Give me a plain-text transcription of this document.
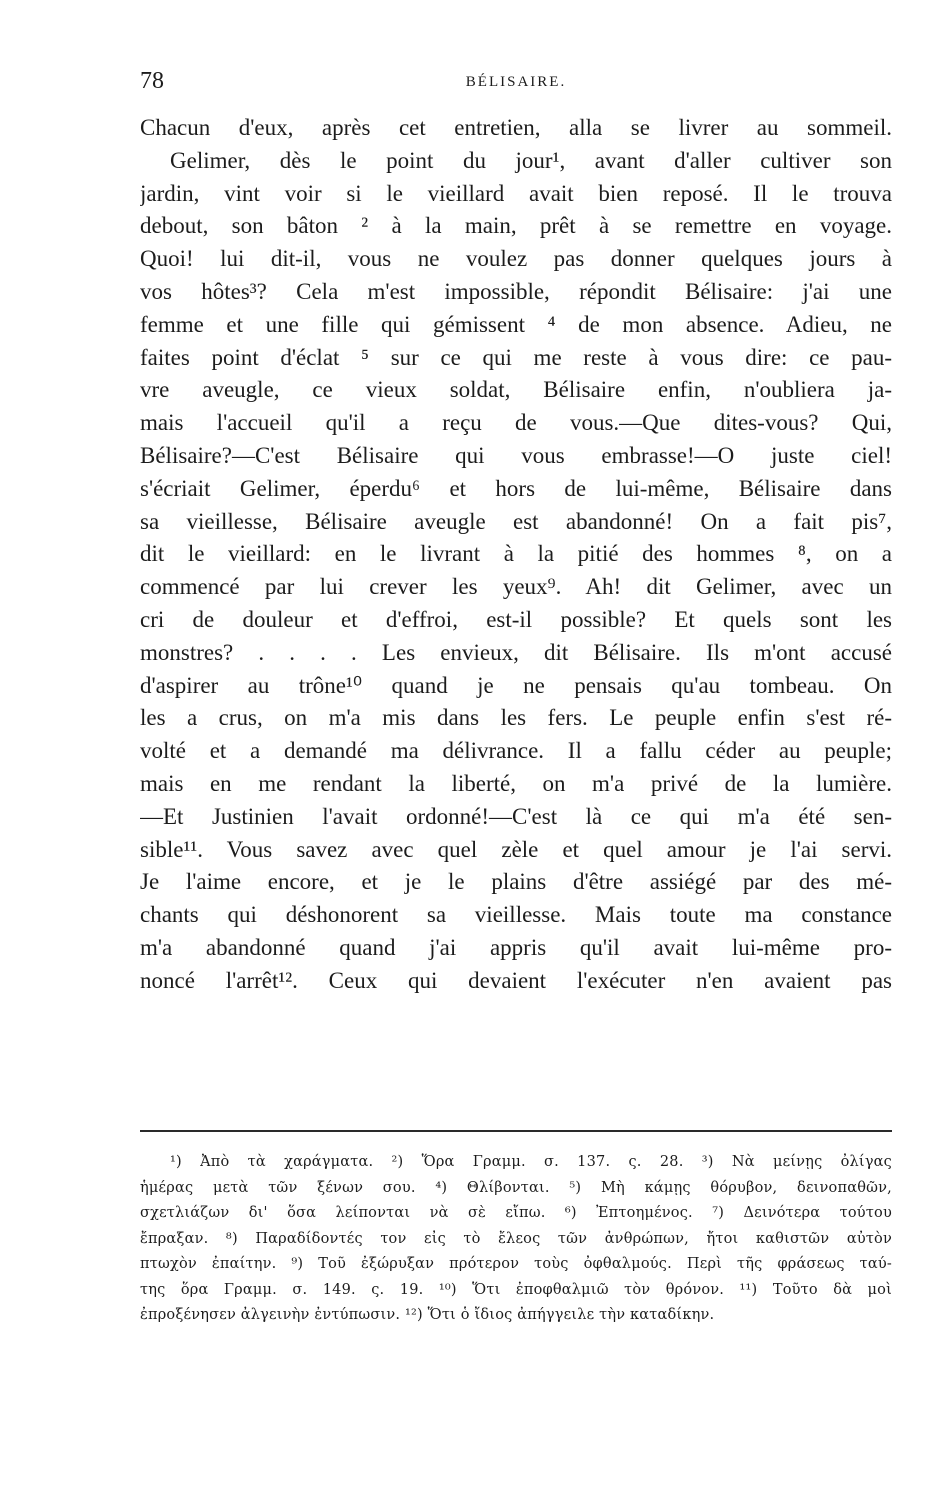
78	BÉLISAIRE.
Chacun d'eux, après cet entretien, alla se livrer au sommeil.
Gelimer, dès le point du jour¹, avant d'aller cultiver son
jardin, vint voir si le vieillard avait bien reposé. Il le trouva
debout, son bâton ² à la main, prêt à se remettre en voyage.
Quoi! lui dit-il, vous ne voulez pas donner quelques jours à
vos hôtes³? Cela m'est impossible, répondit Bélisaire: j'ai une
femme et une fille qui gémissent ⁴ de mon absence. Adieu, ne
faites point d'éclat ⁵ sur ce qui me reste à vous dire: ce pau-
vre aveugle, ce vieux soldat, Bélisaire enfin, n'oubliera ja-
mais l'accueil qu'il a reçu de vous.—Que dites-vous? Qui,
Bélisaire?—C'est Bélisaire qui vous embrasse!—O juste ciel!
s'écriait Gelimer, éperdu⁶ et hors de lui-même, Bélisaire dans
sa vieillesse, Bélisaire aveugle est abandonné! On a fait pis⁷,
dit le vieillard: en le livrant à la pitié des hommes ⁸, on a
commencé par lui crever les yeux⁹. Ah! dit Gelimer, avec un
cri de douleur et d'effroi, est-il possible? Et quels sont les
monstres? . . . . Les envieux, dit Bélisaire. Ils m'ont accusé
d'aspirer au trône¹⁰ quand je ne pensais qu'au tombeau. On
les a crus, on m'a mis dans les fers. Le peuple enfin s'est ré-
volté et a demandé ma délivrance. Il a fallu céder au peuple;
mais en me rendant la liberté, on m'a privé de la lumière.
—Et Justinien l'avait ordonné!—C'est là ce qui m'a été sen-
sible¹¹. Vous savez avec quel zèle et quel amour je l'ai servi.
Je l'aime encore, et je le plains d'être assiégé par des mé-
chants qui déshonorent sa vieillesse. Mais toute ma constance
m'a abandonné quand j'ai appris qu'il avait lui-même pro-
noncé l'arrêt¹². Ceux qui devaient l'exécuter n'en avaient pas
¹) Ἀπὸ τὰ χαράγματα. ²) Ὅρα Γραμμ. σ. 137. ς. 28. ³) Νὰ μείνῃς ὀλίγας
ἡμέρας μετὰ τῶν ξένων σου. ⁴) Θλίβονται. ⁵) Μὴ κάμῃς θόρυβον, δεινοπαθῶν,
σχετλιάζων δι' ὅσα λείπονται νὰ σὲ εἴπω. ⁶) Ἐπτοημένος. ⁷) Δεινότερα τούτου
ἔπραξαν. ⁸) Παραδίδοντές τον εἰς τὸ ἔλεος τῶν ἀνθρώπων, ἤτοι καθιστῶν αὐτὸν
πτωχὸν ἐπαίτην. ⁹) Τοῦ ἐξώρυξαν πρότερον τοὺς ὀφθαλμούς. Περὶ τῆς φράσεως ταύ-
της ὅρα Γραμμ. σ. 149. ς. 19. ¹⁰) Ὅτι ἐποφθαλμιῶ τὸν θρόνον. ¹¹) Τοῦτο δὰ μοὶ
ἐπροξένησεν ἀλγεινὴν ἐντύπωσιν. ¹²) Ὅτι ὁ ἴδιος ἀπήγγειλε τὴν καταδίκην.
